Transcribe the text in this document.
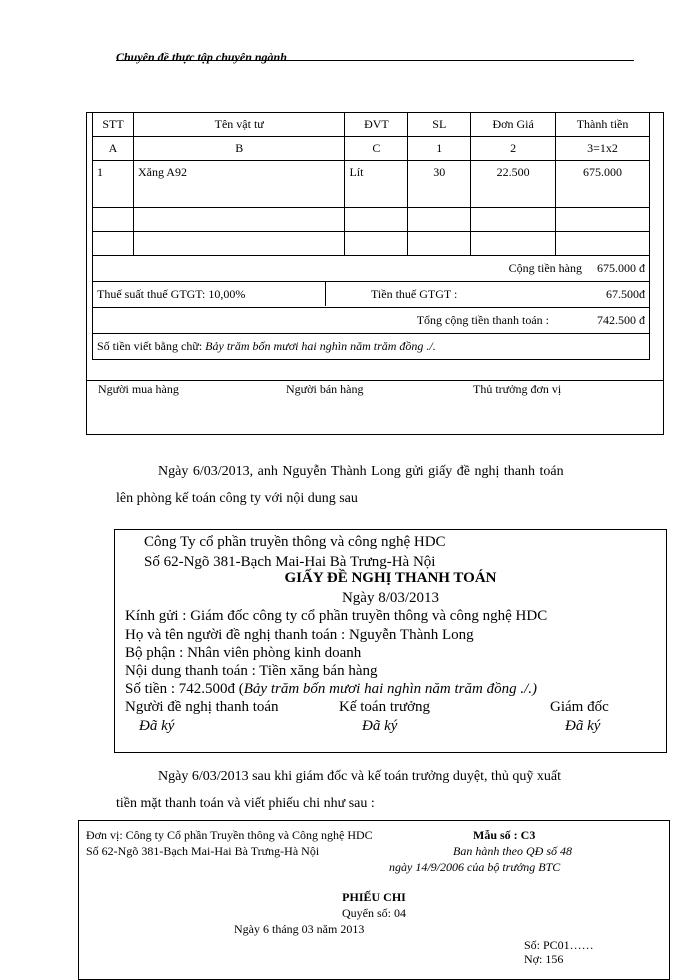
Chuyên đề thực tập chuyên ngành
STT	Tên vật tư	ĐVT	SL	Đơn Giá	Thành tiền
A	B	C	1	2	3=1x2
1	Xăng A92	Lít	30	22.500	675.000

Cộng tiền hàng 675.000 đ					

Thuế suất thuế GTGT: 10,00% Tiền thuế GTGT : 67.500đ					

Tổng cộng tiền thanh toán : 742.500 đ					
Số tiền viết bằng chữ: Bảy trăm bốn mươi hai nghìn năm trăm đồng ./.					
Người mua hàng	Người bán hàng	Thủ trưởng đơn vị
Ngày 6/03/2013, anh Nguyễn Thành Long gửi giấy đề nghị thanh toán
lên phòng kế toán công ty với nội dung sau
Công Ty cổ phần truyền thông và công nghệ HDC
Số 62-Ngõ 381-Bạch Mai-Hai Bà Trưng-Hà Nội
GIẤY ĐỀ NGHỊ THANH TOÁN
Ngày 8/03/2013
Kính gửi : Giám đốc công ty cổ phần truyền thông và công nghệ HDC
Họ và tên người đề nghị thanh toán : Nguyễn Thành Long
Bộ phận : Nhân viên phòng kinh doanh
Nội dung thanh toán : Tiền xăng bán hàng
Số tiền : 742.500đ (Bảy trăm bốn mươi hai nghìn năm trăm đồng ./.)
Người đề nghị thanh toán	Kế toán trưởng	Giám đốc
Đã ký	Đã ký	Đã ký
Ngày 6/03/2013 sau khi giám đốc và kế toán trưởng duyệt, thủ quỹ xuất
tiền mặt thanh toán và viết phiếu chi như sau :
Đơn vị: Công ty Cổ phần Truyền thông và Công nghệ HDC
Số 62-Ngõ 381-Bạch Mai-Hai Bà Trưng-Hà Nội
Mẫu số : C3
Ban hành theo QĐ số 48
ngày 14/9/2006 của bộ trưởng BTC
PHIẾU CHI
Quyển số: 04
Ngày 6 tháng 03 năm 2013
Số: PC01……
Nợ: 156
